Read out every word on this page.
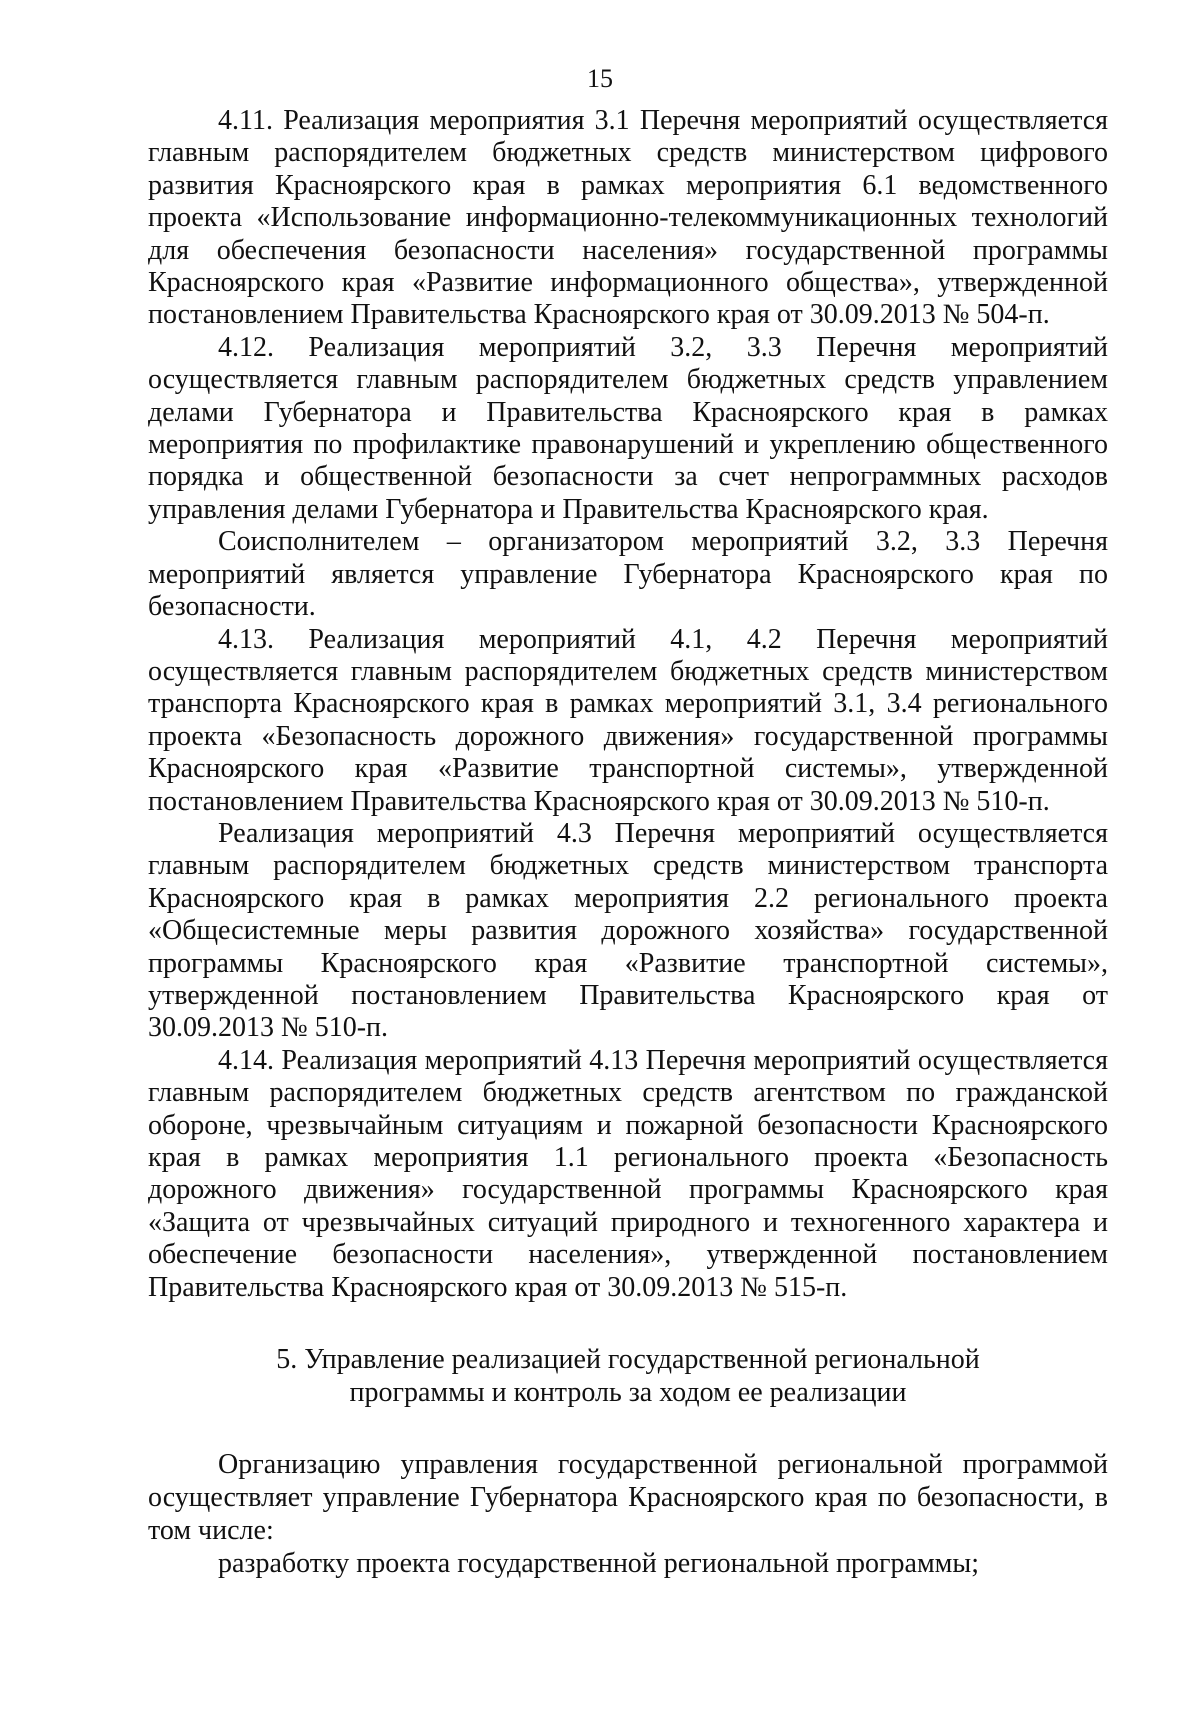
15

4.11. Реализация мероприятия 3.1 Перечня мероприятий осуществляется главным распорядителем бюджетных средств министерством цифрового развития Красноярского края в рамках мероприятия 6.1 ведомственного проекта «Использование информационно-телекоммуникационных технологий для обеспечения безопасности населения» государственной программы Красноярского края «Развитие информационного общества», утвержденной постановлением Правительства Красноярского края от 30.09.2013 № 504-п.

4.12. Реализация мероприятий 3.2, 3.3 Перечня мероприятий осуществляется главным распорядителем бюджетных средств управлением делами Губернатора и Правительства Красноярского края в рамках мероприятия по профилактике правонарушений и укреплению общественного порядка и общественной безопасности за счет непрограммных расходов управления делами Губернатора и Правительства Красноярского края.

Соисполнителем – организатором мероприятий 3.2, 3.3 Перечня мероприятий является управление Губернатора Красноярского края по безопасности.

4.13. Реализация мероприятий 4.1, 4.2 Перечня мероприятий осуществляется главным распорядителем бюджетных средств министерством транспорта Красноярского края в рамках мероприятий 3.1, 3.4 регионального проекта «Безопасность дорожного движения» государственной программы Красноярского края «Развитие транспортной системы», утвержденной постановлением Правительства Красноярского края от 30.09.2013 № 510-п.

Реализация мероприятий 4.3 Перечня мероприятий осуществляется главным распорядителем бюджетных средств министерством транспорта Красноярского края в рамках мероприятия 2.2 регионального проекта «Общесистемные меры развития дорожного хозяйства» государственной программы Красноярского края «Развитие транспортной системы», утвержденной постановлением Правительства Красноярского края от 30.09.2013 № 510-п.

4.14. Реализация мероприятий 4.13 Перечня мероприятий осуществляется главным распорядителем бюджетных средств агентством по гражданской обороне, чрезвычайным ситуациям и пожарной безопасности Красноярского края в рамках мероприятия 1.1 регионального проекта «Безопасность дорожного движения» государственной программы Красноярского края «Защита от чрезвычайных ситуаций природного и техногенного характера и обеспечение безопасности населения», утвержденной постановлением Правительства Красноярского края от 30.09.2013 № 515-п.

5. Управление реализацией государственной региональной
программы и контроль за ходом ее реализации

Организацию управления государственной региональной программой осуществляет управление Губернатора Красноярского края по безопасности, в том числе:

разработку проекта государственной региональной программы;
